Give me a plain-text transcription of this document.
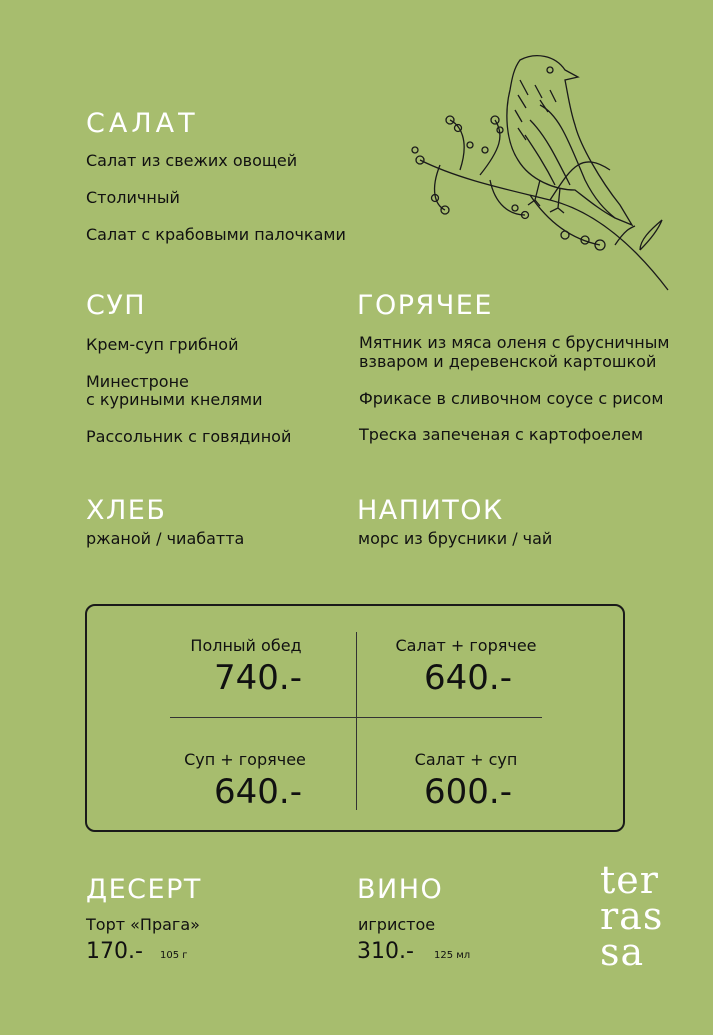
САЛАТ
Салат из свежих овощей
Столичный
Салат с крабовыми палочками
СУП
Крем-суп грибной
Минестроне
с куриными кнелями
Рассольник с говядиной
ГОРЯЧЕЕ
Мятник из мяса оленя с брусничным
взваром и деревенской картошкой
Фрикасе в сливочном соусе с рисом
Треска запеченая с картофоелем
ХЛЕБ
ржаной / чиабатта
НАПИТОК
морс из брусники / чай
Полный обед
740.-
Салат + горячее
640.-
Суп + горячее
640.-
Салат + суп
600.-
ДЕСЕРТ
Торт «Прага»
170.- 105 г
ВИНО
игристое
310.- 125 мл
ter
ras
sa
